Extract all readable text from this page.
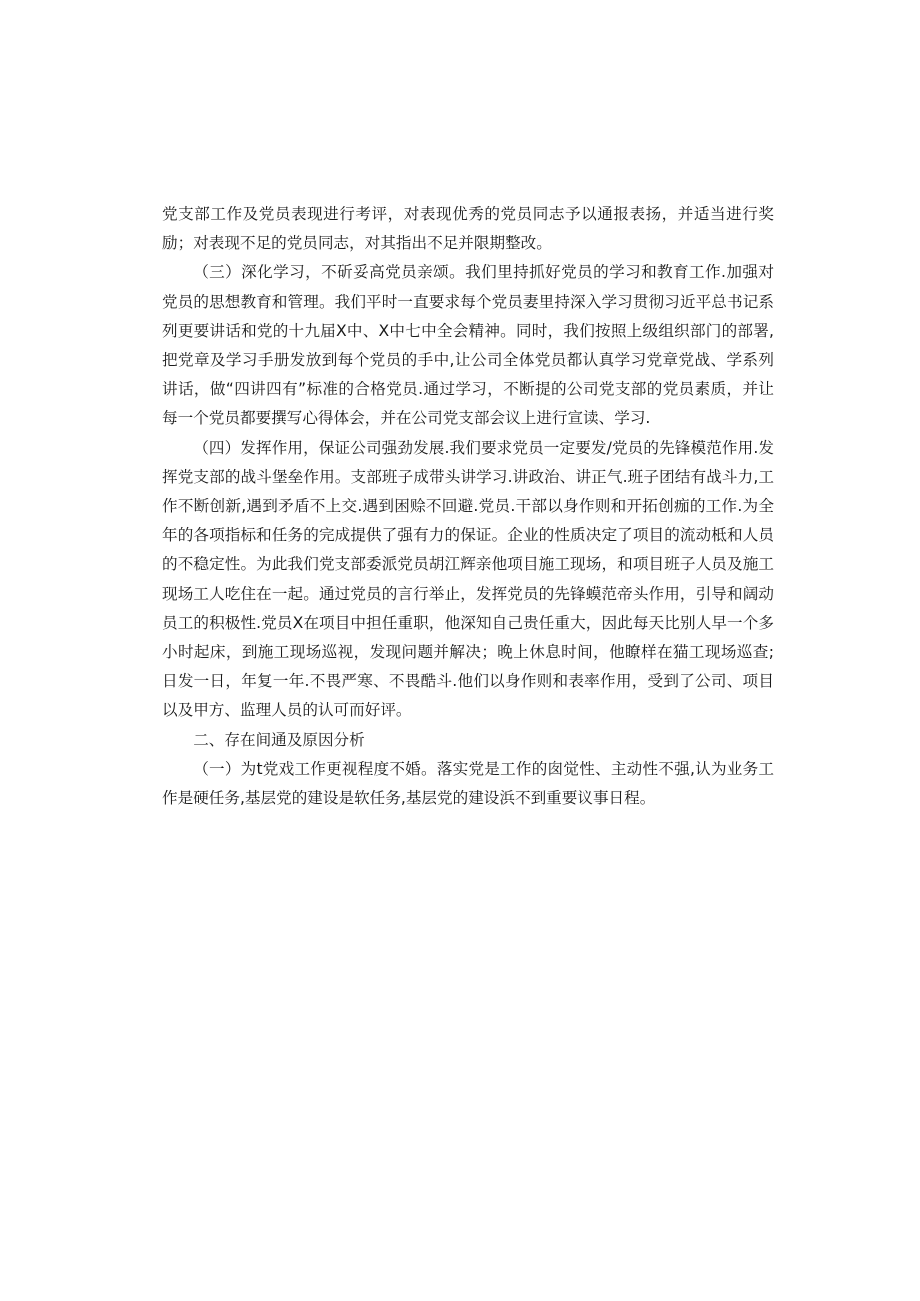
党支部工作及党员表现进行考评，对表现优秀的党员同志予以通报表扬，并适当进行奖励；对表现不足的党员同志，对其指出不足并限期整改。

（三）深化学习，不斫妥高党员亲颂。我们里持抓好党员的学习和教育工作.加强对党员的思想教育和管理。我们平时一直要求每个党员妻里持深入学习贯彻习近平总书记系列更要讲话和党的十九届X中、X中七中全会精神。同时，我们按照上级组织部门的部署,把党章及学习手册发放到每个党员的手中,让公司全体党员都认真学习党章党战、学系列讲话，做“四讲四有”标准的合格党员.通过学习，不断提的公司党支部的党员素质，并让每一个党员都要撰写心得体会，并在公司党支部会议上进行宣读、学习.

（四）发挥作用，保证公司强劲发展.我们要求党员一定要发/党员的先锋模范作用.发挥党支部的战斗堡垒作用。支部班子成带头讲学习.讲政治、讲正气.班子团结有战斗力,工作不断创新,遇到矛盾不上交.遇到困赊不回避.党员.干部以身作则和开拓创痂的工作.为全年的各项指标和任务的完成提供了强有力的保证。企业的性质决定了项目的流动柢和人员的不稳定性。为此我们党支部委派党员胡江辉亲他项目施工现场，和项目班子人员及施工现场工人吃住在一起。通过党员的言行举止，发挥党员的先锋蟆范帝头作用，引导和阔动员工的积极性.党员X在项目中担任重职，他深知自己贵任重大，因此每天比别人早一个多小时起床，到施工现场巡视，发现问题并解决；晚上休息时间，他瞭样在猫工现场巡查;日发一日，年复一年.不畏严寒、不畏酷斗.他们以身作则和表率作用，受到了公司、项目以及甲方、监理人员的认可而好评。

二、存在间通及原因分析

（一）为t党戏工作更视程度不婚。落实党是工作的囱觉性、主动性不强,认为业务工作是硬任务,基层党的建设是软任务,基层党的建设浜不到重要议事日程。
